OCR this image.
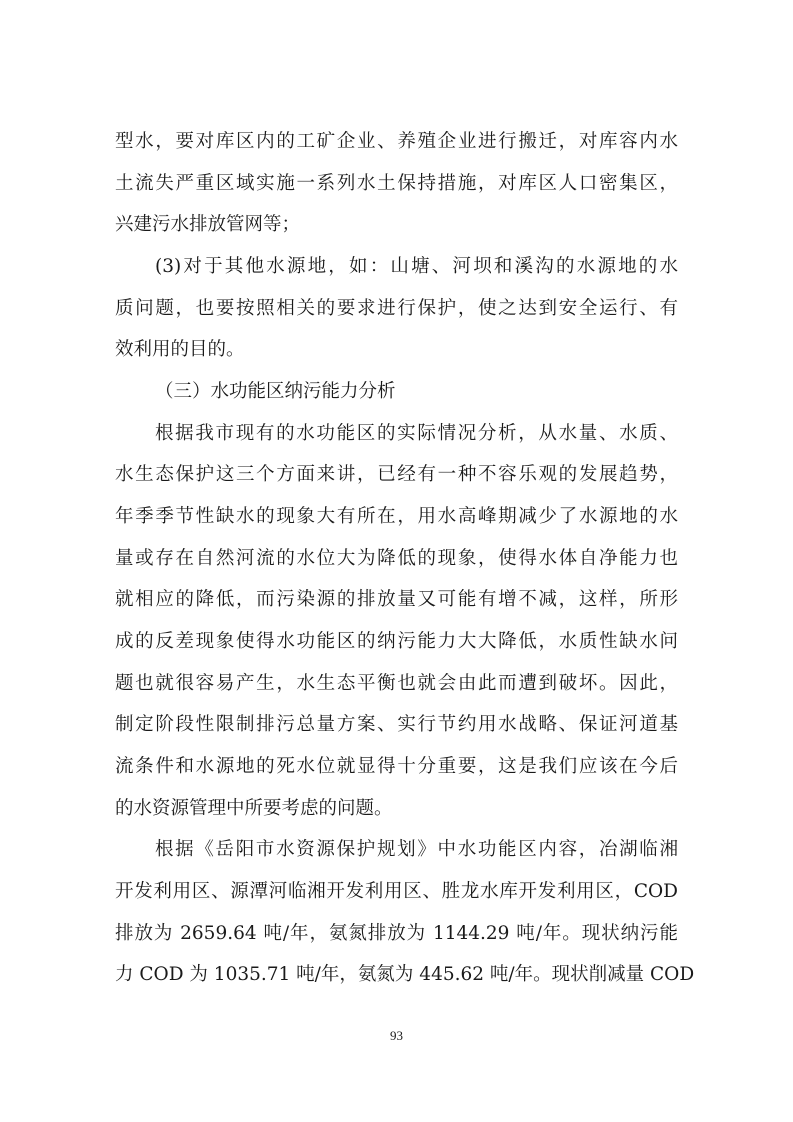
型水，要对库区内的工矿企业、养殖企业进行搬迁，对库容内水
土流失严重区域实施一系列水土保持措施，对库区人口密集区，
兴建污水排放管网等；
(3)对于其他水源地，如：山塘、河坝和溪沟的水源地的水
质问题，也要按照相关的要求进行保护，使之达到安全运行、有
效利用的目的。
（三）水功能区纳污能力分析
根据我市现有的水功能区的实际情况分析，从水量、水质、
水生态保护这三个方面来讲，已经有一种不容乐观的发展趋势，
年季季节性缺水的现象大有所在，用水高峰期减少了水源地的水
量或存在自然河流的水位大为降低的现象，使得水体自净能力也
就相应的降低，而污染源的排放量又可能有增不减，这样，所形
成的反差现象使得水功能区的纳污能力大大降低，水质性缺水问
题也就很容易产生，水生态平衡也就会由此而遭到破坏。因此，
制定阶段性限制排污总量方案、实行节约用水战略、保证河道基
流条件和水源地的死水位就显得十分重要，这是我们应该在今后
的水资源管理中所要考虑的问题。
根据《岳阳市水资源保护规划》中水功能区内容，冶湖临湘
开发利用区、源潭河临湘开发利用区、胜龙水库开发利用区，COD
排放为 2659.64 吨/年，氨氮排放为 1144.29 吨/年。现状纳污能
力 COD 为 1035.71 吨/年，氨氮为 445.62 吨/年。现状削减量 COD
93
